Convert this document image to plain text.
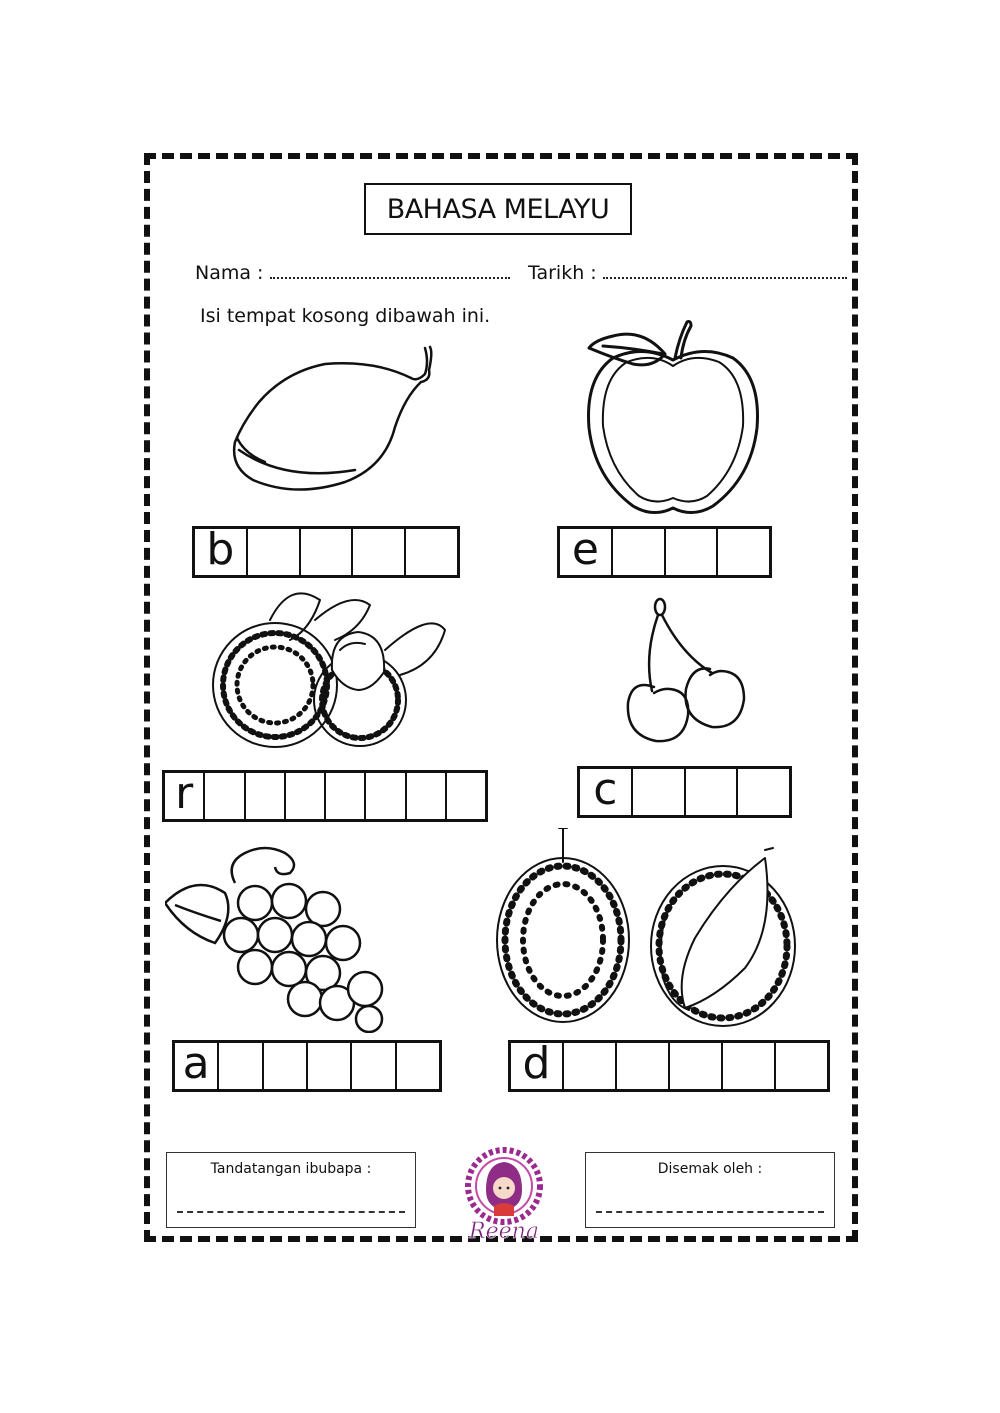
BAHASA MELAYU
Nama :	Tarikh :
Isi tempat kosong dibawah ini.
b	e
r	c
a	d
Tandatangan ibubapa :	Disemak oleh :
Reena
